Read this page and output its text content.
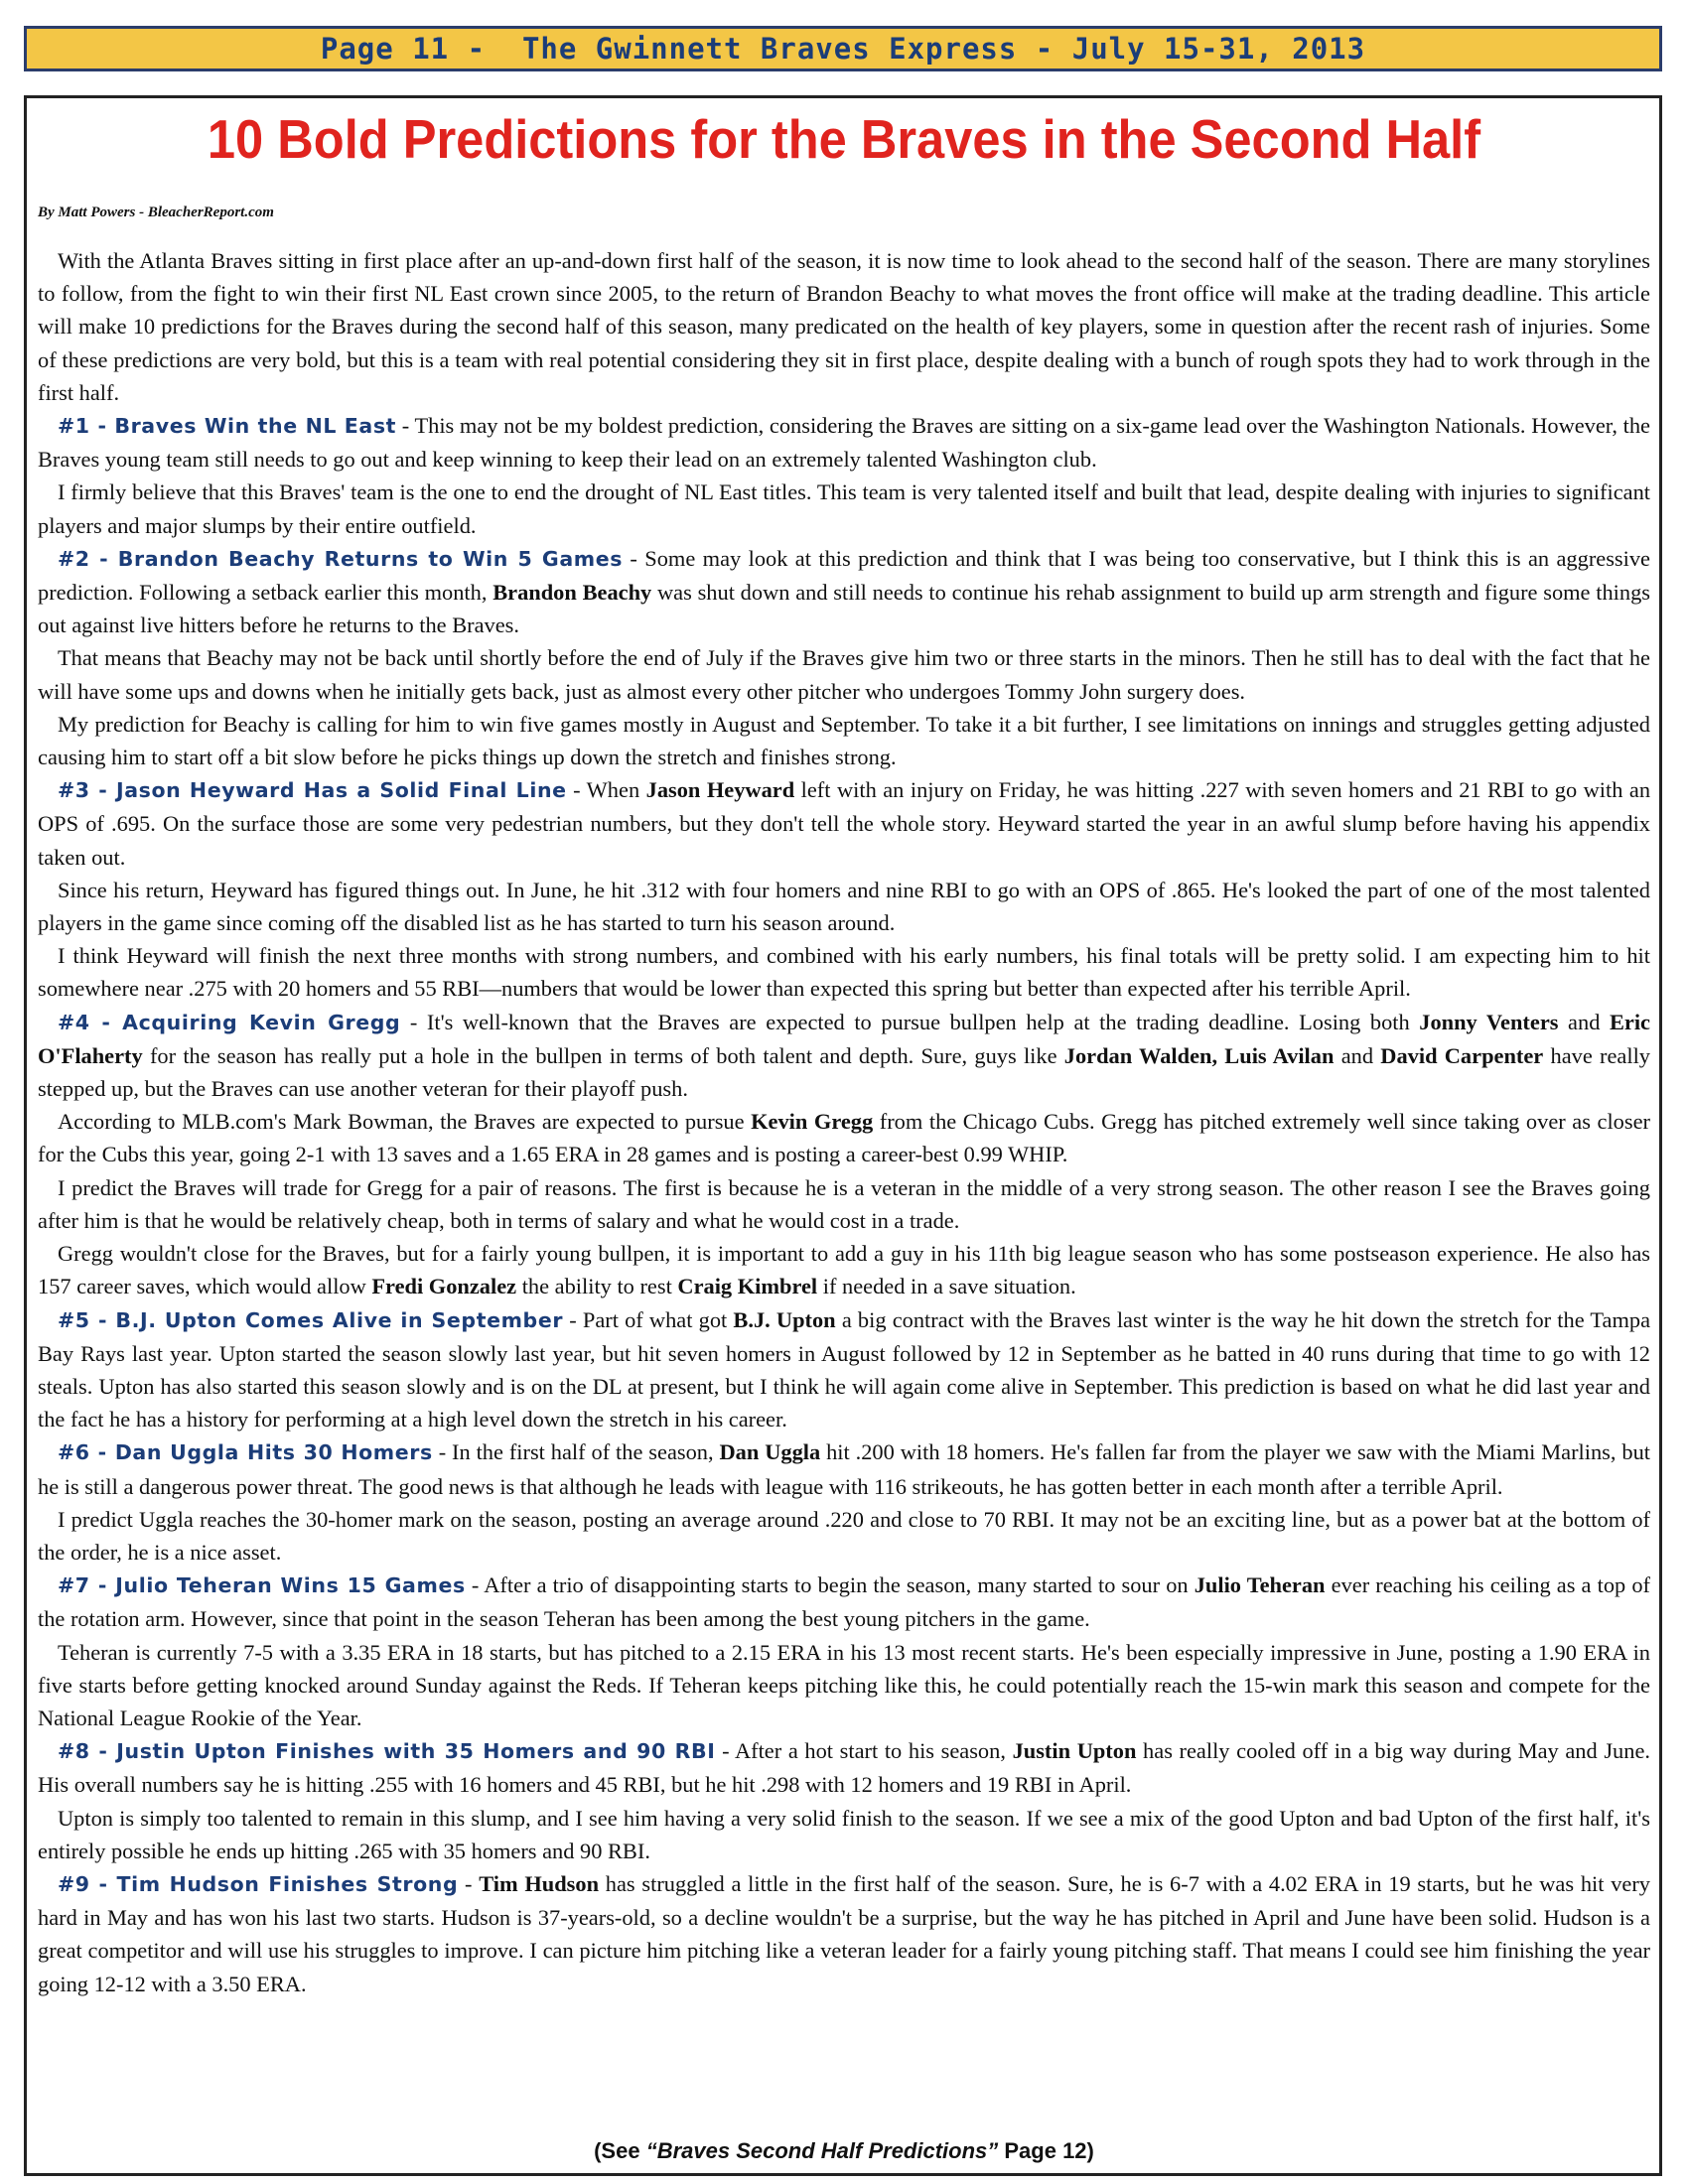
Page 11 -  The Gwinnett Braves Express - July 15-31, 2013
10 Bold Predictions for the Braves in the Second Half
By Matt Powers - BleacherReport.com

With the Atlanta Braves sitting in first place after an up-and-down first half of the season, it is now time to look ahead to the second half of the season. There are many storylines to follow, from the fight to win their first NL East crown since 2005, to the return of Brandon Beachy to what moves the front office will make at the trading deadline. This article will make 10 predictions for the Braves during the second half of this season, many predicated on the health of key players, some in question after the recent rash of injuries. Some of these predictions are very bold, but this is a team with real potential considering they sit in first place, despite dealing with a bunch of rough spots they had to work through in the first half.

#1 - Braves Win the NL East - This may not be my boldest prediction, considering the Braves are sitting on a six-game lead over the Washington Nationals. However, the Braves young team still needs to go out and keep winning to keep their lead on an extremely talented Washington club.

I firmly believe that this Braves' team is the one to end the drought of NL East titles. This team is very talented itself and built that lead, despite dealing with injuries to significant players and major slumps by their entire outfield.

#2 - Brandon Beachy Returns to Win 5 Games - Some may look at this prediction and think that I was being too conservative, but I think this is an aggressive prediction. Following a setback earlier this month, Brandon Beachy was shut down and still needs to continue his rehab assignment to build up arm strength and figure some things out against live hitters before he returns to the Braves.

That means that Beachy may not be back until shortly before the end of July if the Braves give him two or three starts in the minors. Then he still has to deal with the fact that he will have some ups and downs when he initially gets back, just as almost every other pitcher who undergoes Tommy John surgery does.

My prediction for Beachy is calling for him to win five games mostly in August and September. To take it a bit further, I see limitations on innings and struggles getting adjusted causing him to start off a bit slow before he picks things up down the stretch and finishes strong.

#3 - Jason Heyward Has a Solid Final Line - When Jason Heyward left with an injury on Friday, he was hitting .227 with seven homers and 21 RBI to go with an OPS of .695. On the surface those are some very pedestrian numbers, but they don't tell the whole story. Heyward started the year in an awful slump before having his appendix taken out.

Since his return, Heyward has figured things out. In June, he hit .312 with four homers and nine RBI to go with an OPS of .865. He's looked the part of one of the most talented players in the game since coming off the disabled list as he has started to turn his season around.

I think Heyward will finish the next three months with strong numbers, and combined with his early numbers, his final totals will be pretty solid. I am expecting him to hit somewhere near .275 with 20 homers and 55 RBI—numbers that would be lower than expected this spring but better than expected after his terrible April.

#4 - Acquiring Kevin Gregg - It's well-known that the Braves are expected to pursue bullpen help at the trading deadline. Losing both Jonny Venters and Eric O'Flaherty for the season has really put a hole in the bullpen in terms of both talent and depth. Sure, guys like Jordan Walden, Luis Avilan and David Carpenter have really stepped up, but the Braves can use another veteran for their playoff push.

According to MLB.com's Mark Bowman, the Braves are expected to pursue Kevin Gregg from the Chicago Cubs. Gregg has pitched extremely well since taking over as closer for the Cubs this year, going 2-1 with 13 saves and a 1.65 ERA in 28 games and is posting a career-best 0.99 WHIP.

I predict the Braves will trade for Gregg for a pair of reasons. The first is because he is a veteran in the middle of a very strong season. The other reason I see the Braves going after him is that he would be relatively cheap, both in terms of salary and what he would cost in a trade.

Gregg wouldn't close for the Braves, but for a fairly young bullpen, it is important to add a guy in his 11th big league season who has some postseason experience. He also has 157 career saves, which would allow Fredi Gonzalez the ability to rest Craig Kimbrel if needed in a save situation.

#5 - B.J. Upton Comes Alive in September - Part of what got B.J. Upton a big contract with the Braves last winter is the way he hit down the stretch for the Tampa Bay Rays last year. Upton started the season slowly last year, but hit seven homers in August followed by 12 in September as he batted in 40 runs during that time to go with 12 steals. Upton has also started this season slowly and is on the DL at present, but I think he will again come alive in September. This prediction is based on what he did last year and the fact he has a history for performing at a high level down the stretch in his career.

#6 - Dan Uggla Hits 30 Homers - In the first half of the season, Dan Uggla hit .200 with 18 homers. He's fallen far from the player we saw with the Miami Marlins, but he is still a dangerous power threat. The good news is that although he leads with league with 116 strikeouts, he has gotten better in each month after a terrible April.

I predict Uggla reaches the 30-homer mark on the season, posting an average around .220 and close to 70 RBI. It may not be an exciting line, but as a power bat at the bottom of the order, he is a nice asset.

#7 - Julio Teheran Wins 15 Games - After a trio of disappointing starts to begin the season, many started to sour on Julio Teheran ever reaching his ceiling as a top of the rotation arm. However, since that point in the season Teheran has been among the best young pitchers in the game.

Teheran is currently 7-5 with a 3.35 ERA in 18 starts, but has pitched to a 2.15 ERA in his 13 most recent starts. He's been especially impressive in June, posting a 1.90 ERA in five starts before getting knocked around Sunday against the Reds. If Teheran keeps pitching like this, he could potentially reach the 15-win mark this season and compete for the National League Rookie of the Year.

#8 - Justin Upton Finishes with 35 Homers and 90 RBI - After a hot start to his season, Justin Upton has really cooled off in a big way during May and June. His overall numbers say he is hitting .255 with 16 homers and 45 RBI, but he hit .298 with 12 homers and 19 RBI in April.

Upton is simply too talented to remain in this slump, and I see him having a very solid finish to the season. If we see a mix of the good Upton and bad Upton of the first half, it's entirely possible he ends up hitting .265 with 35 homers and 90 RBI.

#9 - Tim Hudson Finishes Strong - Tim Hudson has struggled a little in the first half of the season. Sure, he is 6-7 with a 4.02 ERA in 19 starts, but he was hit very hard in May and has won his last two starts. Hudson is 37-years-old, so a decline wouldn't be a surprise, but the way he has pitched in April and June have been solid. Hudson is a great competitor and will use his struggles to improve. I can picture him pitching like a veteran leader for a fairly young pitching staff. That means I could see him finishing the year going 12-12 with a 3.50 ERA.

(See “Braves Second Half Predictions” Page 12)
